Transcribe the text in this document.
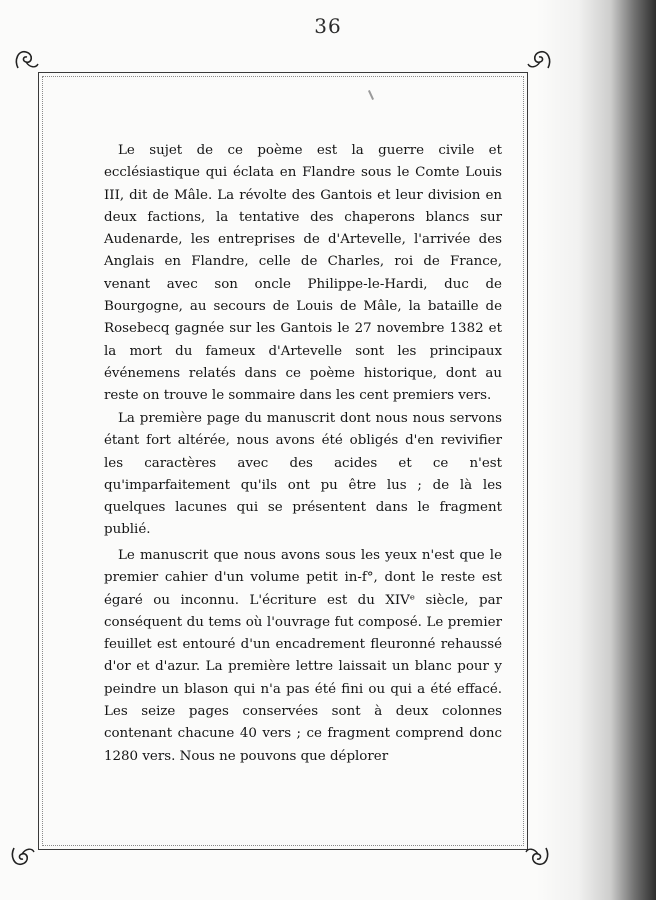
36

Le sujet de ce poème est la guerre civile et ecclésiastique qui éclata en Flandre sous le Comte Louis III, dit de Mâle. La révolte des Gantois et leur division en deux factions, la tentative des chaperons blancs sur Audenarde, les entreprises de d'Artevelle, l'arrivée des Anglais en Flandre, celle de Charles, roi de France, venant avec son oncle Philippe-le-Hardi, duc de Bourgogne, au secours de Louis de Mâle, la bataille de Rosebecq gagnée sur les Gantois le 27 novembre 1382 et la mort du fameux d'Artevelle sont les principaux événemens relatés dans ce poème historique, dont au reste on trouve le sommaire dans les cent premiers vers.

La première page du manuscrit dont nous nous servons étant fort altérée, nous avons été obligés d'en revivifier les caractères avec des acides et ce n'est qu'imparfaitement qu'ils ont pu être lus ; de là les quelques lacunes qui se présentent dans le fragment publié.

Le manuscrit que nous avons sous les yeux n'est que le premier cahier d'un volume petit in-f°, dont le reste est égaré ou inconnu. L'écriture est du XIVᵉ siècle, par conséquent du tems où l'ouvrage fut composé. Le premier feuillet est entouré d'un encadrement fleuronné rehaussé d'or et d'azur. La première lettre laissait un blanc pour y peindre un blason qui n'a pas été fini ou qui a été effacé. Les seize pages conservées sont à deux colonnes contenant chacune 40 vers ; ce fragment comprend donc 1280 vers. Nous ne pouvons que déplorer
